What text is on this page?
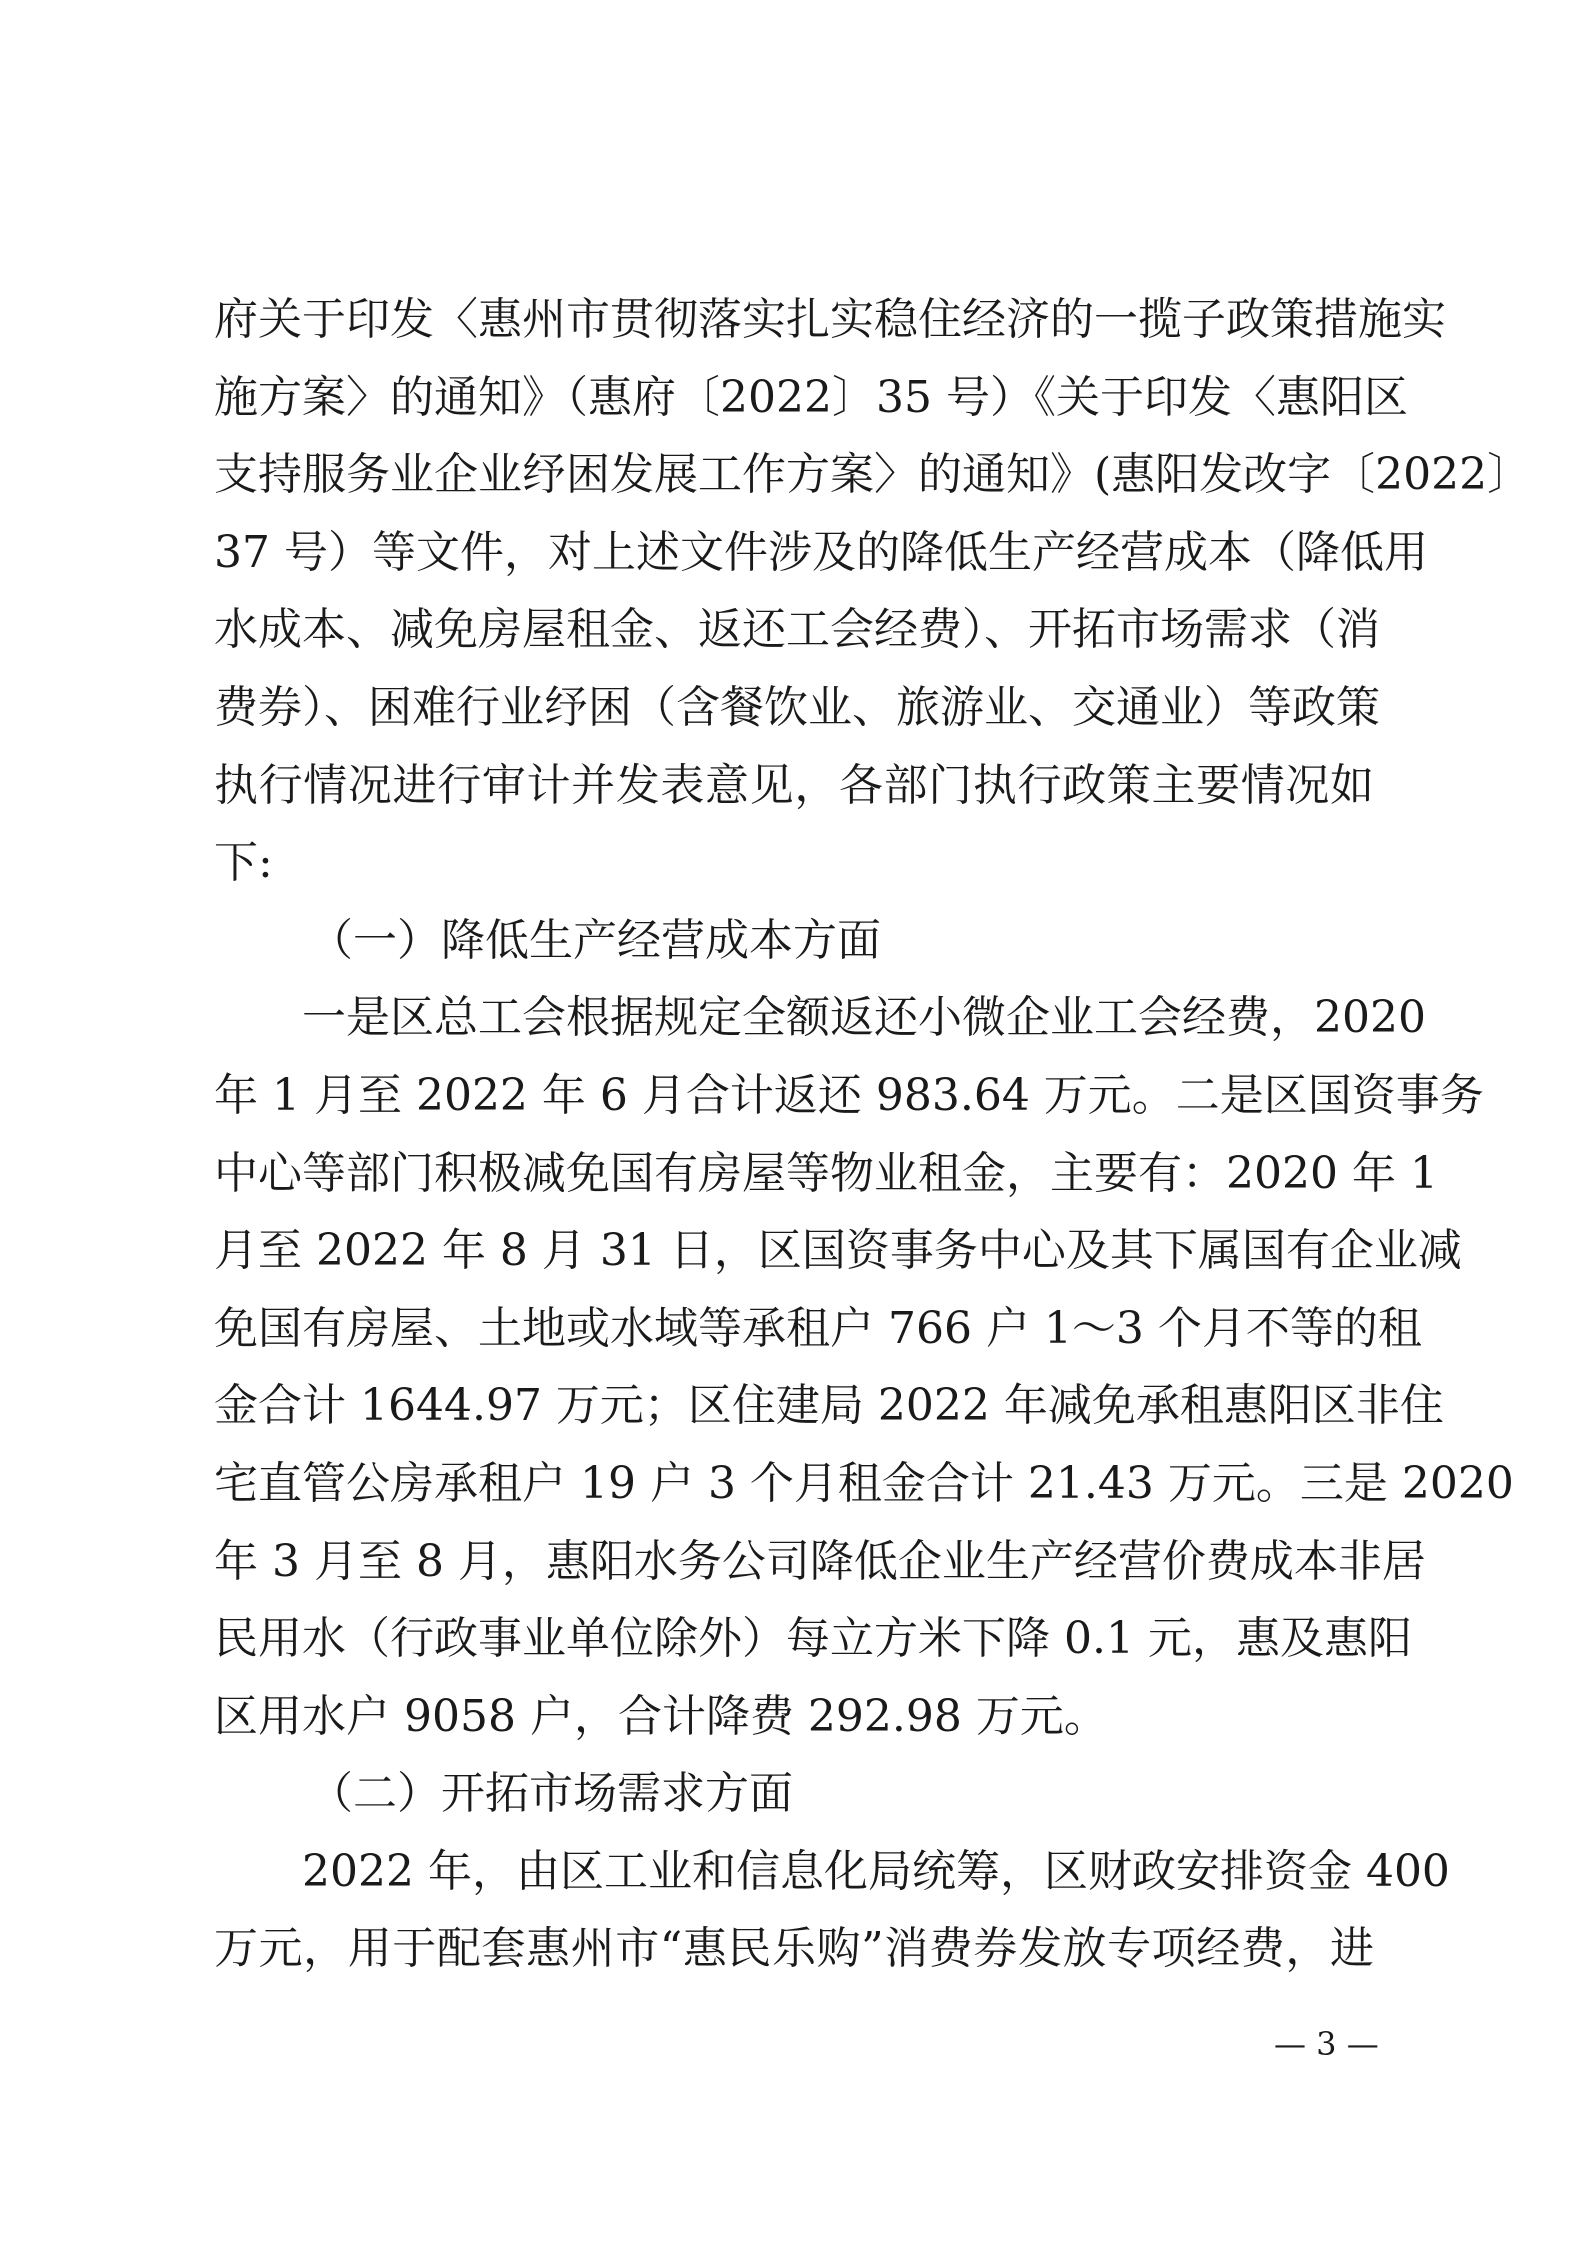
府关于印发〈惠州市贯彻落实扎实稳住经济的一揽子政策措施实
施方案〉的通知》（惠府〔2022〕35 号）《关于印发〈惠阳区
支持服务业企业纾困发展工作方案〉的通知》(惠阳发改字〔2022〕
37 号）等文件，对上述文件涉及的降低生产经营成本（降低用
水成本、减免房屋租金、返还工会经费）、开拓市场需求（消
费券）、困难行业纾困（含餐饮业、旅游业、交通业）等政策
执行情况进行审计并发表意见，各部门执行政策主要情况如
下:
（一）降低生产经营成本方面
一是区总工会根据规定全额返还小微企业工会经费，2020
年 1 月至 2022 年 6 月合计返还 983.64 万元。二是区国资事务
中心等部门积极减免国有房屋等物业租金，主要有：2020 年 1
月至 2022 年 8 月 31 日，区国资事务中心及其下属国有企业减
免国有房屋、土地或水域等承租户 766 户 1～3 个月不等的租
金合计 1644.97 万元；区住建局 2022 年减免承租惠阳区非住
宅直管公房承租户 19 户 3 个月租金合计 21.43 万元。三是 2020
年 3 月至 8 月，惠阳水务公司降低企业生产经营价费成本非居
民用水（行政事业单位除外）每立方米下降 0.1 元，惠及惠阳
区用水户 9058 户，合计降费 292.98 万元。
（二）开拓市场需求方面
2022 年，由区工业和信息化局统筹，区财政安排资金 400
万元，用于配套惠州市“惠民乐购”消费券发放专项经费，进
— 3 —
